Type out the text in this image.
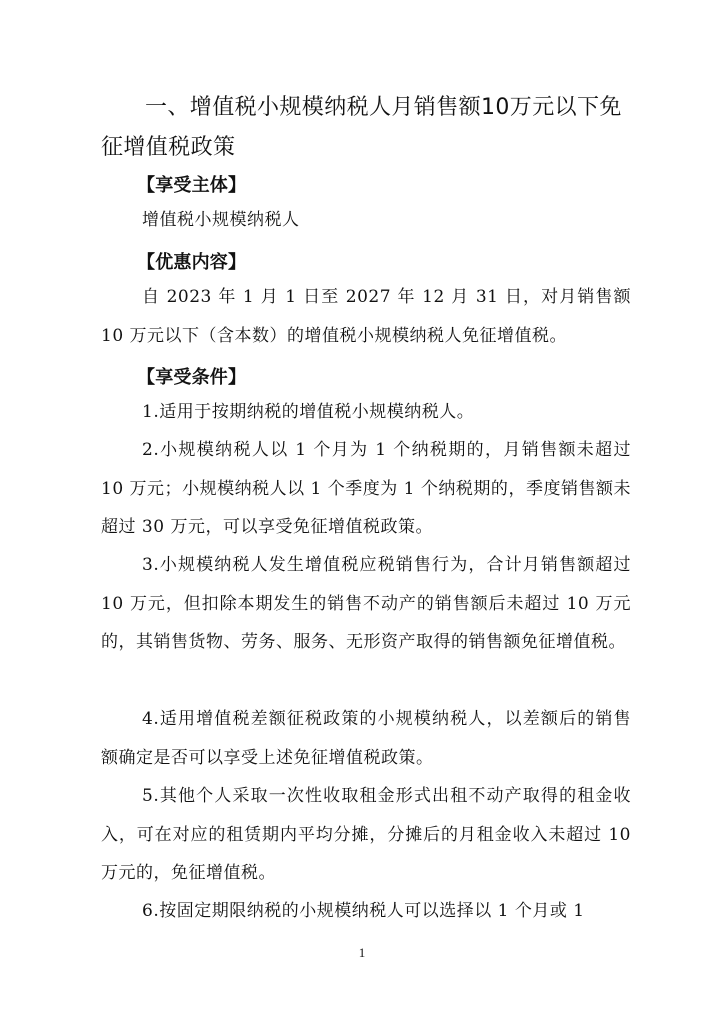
一、增值税小规模纳税人月销售额10万元以下免征增值税政策

【享受主体】

增值税小规模纳税人

【优惠内容】

自 2023 年 1 月 1 日至 2027 年 12 月 31 日，对月销售额 10 万元以下（含本数）的增值税小规模纳税人免征增值税。

【享受条件】

1.适用于按期纳税的增值税小规模纳税人。

2.小规模纳税人以 1 个月为 1 个纳税期的，月销售额未超过 10 万元；小规模纳税人以 1 个季度为 1 个纳税期的，季度销售额未超过 30 万元，可以享受免征增值税政策。

3.小规模纳税人发生增值税应税销售行为，合计月销售额超过 10 万元，但扣除本期发生的销售不动产的销售额后未超过 10 万元的，其销售货物、劳务、服务、无形资产取得的销售额免征增值税。

4.适用增值税差额征税政策的小规模纳税人，以差额后的销售额确定是否可以享受上述免征增值税政策。

5.其他个人采取一次性收取租金形式出租不动产取得的租金收入，可在对应的租赁期内平均分摊，分摊后的月租金收入未超过 10 万元的，免征增值税。

6.按固定期限纳税的小规模纳税人可以选择以 1 个月或 1

1
